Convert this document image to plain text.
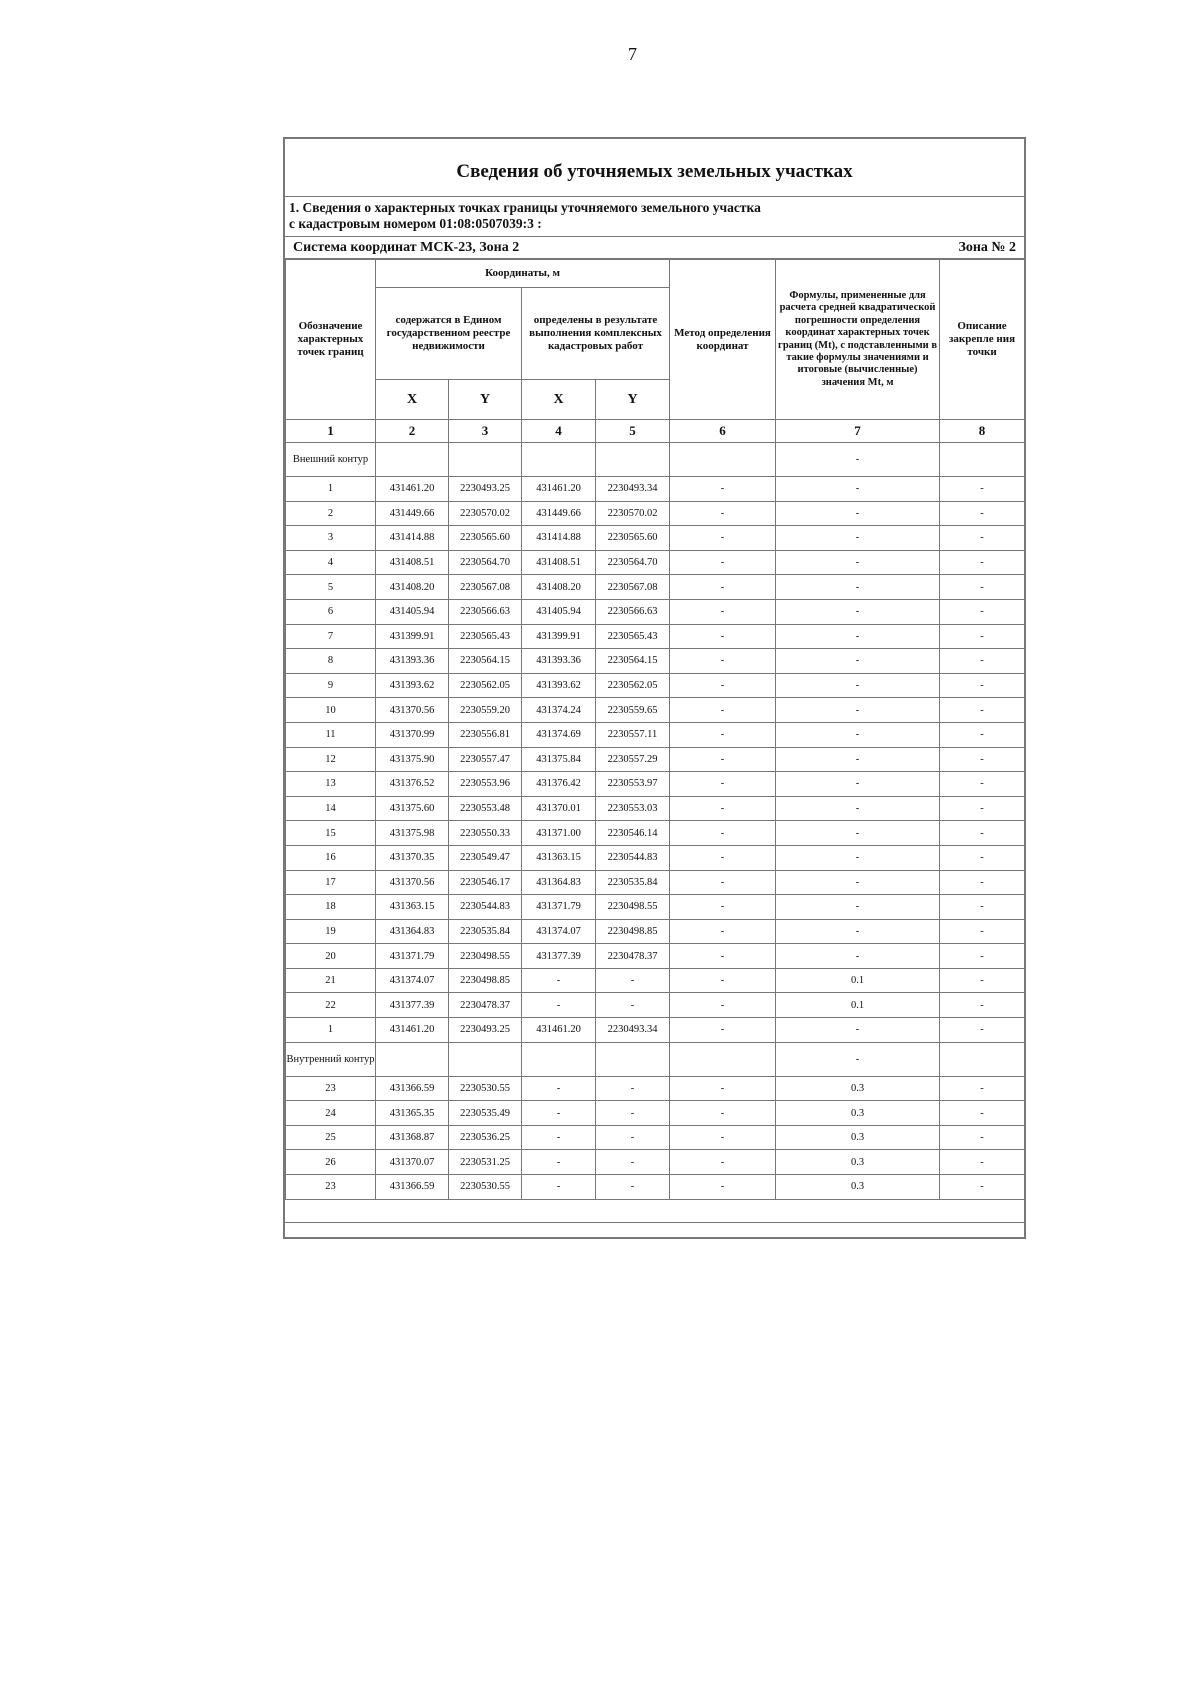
7
Сведения об уточняемых земельных участках
1. Сведения о характерных точках границы уточняемого земельного участка
с кадастровым номером 01:08:0507039:3 :
Система координат МСК-23, Зона 2	Зона № 2
Обозначение характерных точек границ	Координаты, м				Метод определения координат	Формулы, примененные для расчета средней квадратической погрешности определения координат характерных точек границ (Mt), с подставленными в такие формулы значениями и итоговые (вычисленные) значения Mt, м	Описание закрепле ния точки
	содержатся в Едином государственном реестре недвижимости		определены в результате выполнения комплексных кадастровых работ				
	X	Y	X	Y			
1	2	3	4	5	6	7	8
Внешний контур						-	
1	431461.20	2230493.25	431461.20	2230493.34	-	-	-
2	431449.66	2230570.02	431449.66	2230570.02	-	-	-
3	431414.88	2230565.60	431414.88	2230565.60	-	-	-
4	431408.51	2230564.70	431408.51	2230564.70	-	-	-
5	431408.20	2230567.08	431408.20	2230567.08	-	-	-
6	431405.94	2230566.63	431405.94	2230566.63	-	-	-
7	431399.91	2230565.43	431399.91	2230565.43	-	-	-
8	431393.36	2230564.15	431393.36	2230564.15	-	-	-
9	431393.62	2230562.05	431393.62	2230562.05	-	-	-
10	431370.56	2230559.20	431374.24	2230559.65	-	-	-
11	431370.99	2230556.81	431374.69	2230557.11	-	-	-
12	431375.90	2230557.47	431375.84	2230557.29	-	-	-
13	431376.52	2230553.96	431376.42	2230553.97	-	-	-
14	431375.60	2230553.48	431370.01	2230553.03	-	-	-
15	431375.98	2230550.33	431371.00	2230546.14	-	-	-
16	431370.35	2230549.47	431363.15	2230544.83	-	-	-
17	431370.56	2230546.17	431364.83	2230535.84	-	-	-
18	431363.15	2230544.83	431371.79	2230498.55	-	-	-
19	431364.83	2230535.84	431374.07	2230498.85	-	-	-
20	431371.79	2230498.55	431377.39	2230478.37	-	-	-
21	431374.07	2230498.85	-	-	-	0.1	-
22	431377.39	2230478.37	-	-	-	0.1	-
1	431461.20	2230493.25	431461.20	2230493.34	-	-	-
Внутренний контур						-	
23	431366.59	2230530.55	-	-	-	0.3	-
24	431365.35	2230535.49	-	-	-	0.3	-
25	431368.87	2230536.25	-	-	-	0.3	-
26	431370.07	2230531.25	-	-	-	0.3	-
23	431366.59	2230530.55	-	-	-	0.3	-
